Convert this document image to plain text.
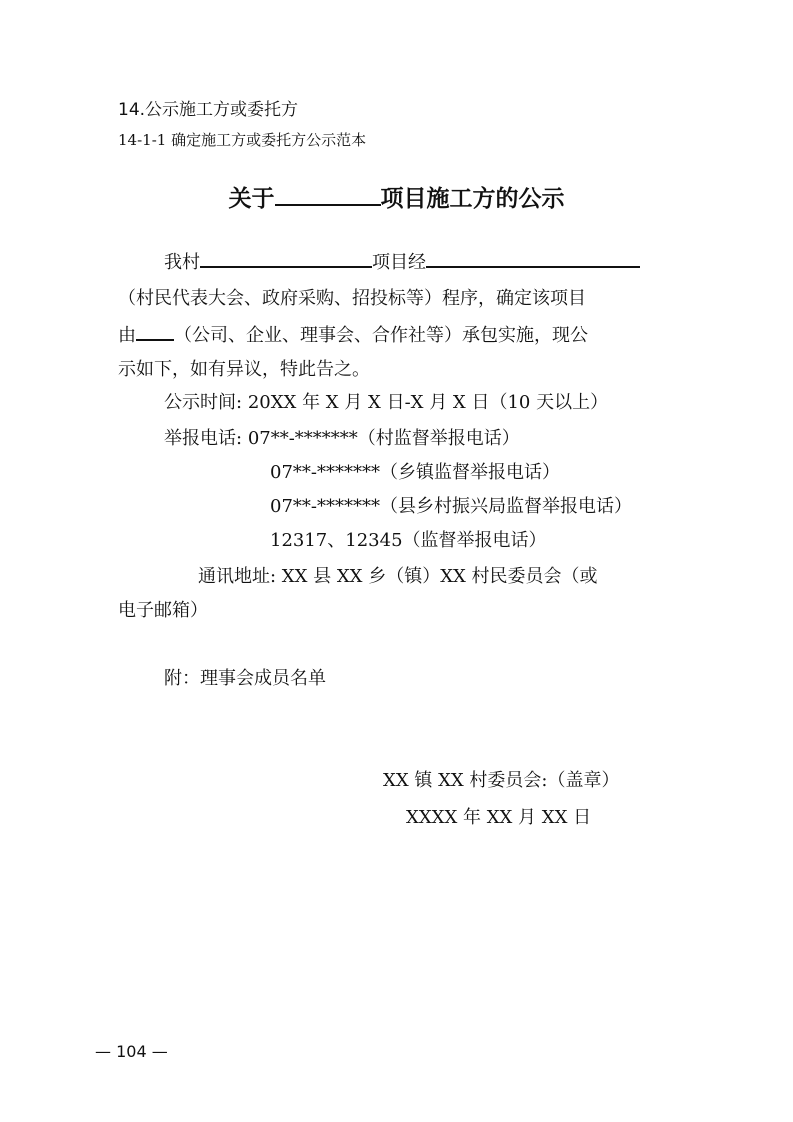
14.公示施工方或委托方
14-1-1 确定施工方或委托方公示范本
关于	项目施工方的公示
我村	项目经
（村民代表大会、政府采购、招投标等）程序，确定该项目
由 （公司、企业、理事会、合作社等）承包实施，现公
示如下，如有异议，特此告之。
公示时间: 20XX 年 X 月 X 日-X 月 X 日（10 天以上）
举报电话: 07**-*******（村监督举报电话）
07**-*******（乡镇监督举报电话）
07**-*******（县乡村振兴局监督举报电话）
12317、12345（监督举报电话）
通讯地址: XX 县 XX 乡（镇）XX 村民委员会（或
电子邮箱）
附：理事会成员名单
XX 镇 XX 村委员会:（盖章）
XXXX 年 XX 月 XX 日
— 104 —
